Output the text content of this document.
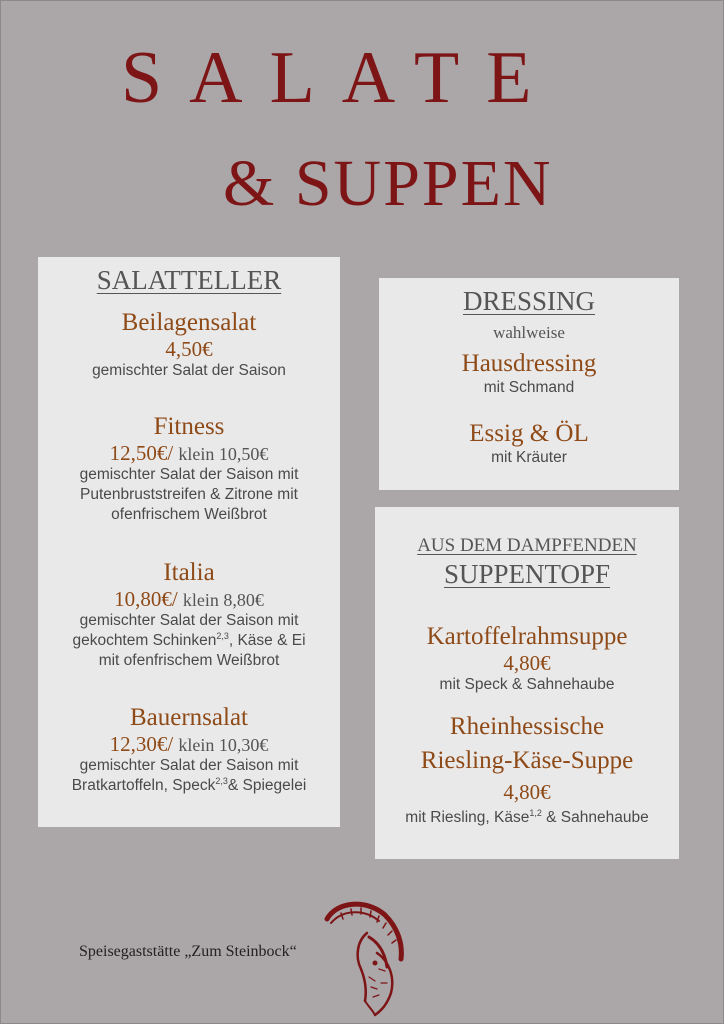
SALATE
& SUPPEN
SALATTELLER
Beilagensalat
4,50€
gemischter Salat der Saison
Fitness
12,50€/ klein 10,50€
gemischter Salat der Saison mit
Putenbruststreifen & Zitrone mit
ofenfrischem Weißbrot
Italia
10,80€/ klein 8,80€
gemischter Salat der Saison mit
gekochtem Schinken$^{2,3}$, Käse & Ei
mit ofenfrischem Weißbrot
Bauernsalat
12,30€/ klein 10,30€
gemischter Salat der Saison mit
Bratkartoffeln, Speck$^{2,3}$& Spiegelei
DRESSING
wahlweise
Hausdressing
mit Schmand
Essig & ÖL
mit Kräuter
AUS DEM DAMPFENDEN
SUPPENTOPF
Kartoffelrahmsuppe
4,80€
mit Speck & Sahnehaube
Rheinhessische
Riesling-Käse-Suppe
4,80€
mit Riesling, Käse$^{1,2}$ & Sahnehaube
Speisegaststätte „Zum Steinbock“
